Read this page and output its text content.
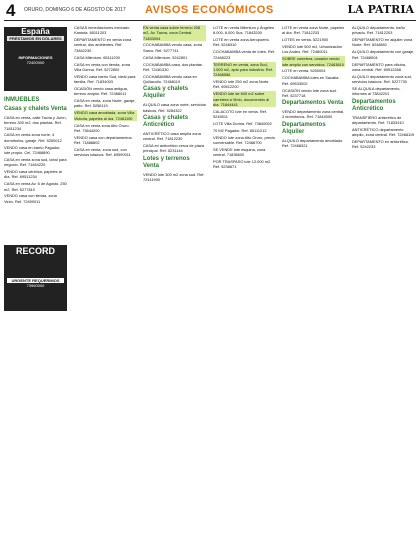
4 ORURO, DOMINGO 6 DE AGOSTO DE 2017 AVISOS ECONÓMICOS	LA PATRIA
España
PRÉSTAMOS EN DÓLARES
INFORMACIONES
72400000
RECORD
URGENTE REQUERIMOS
73960000
INMUEBLES
Casas y chalets Venta

CASA en venta, calle Tacna y Junín, terreno 300 m2, dos plantas. Ref. 71811234

CASA en venta zona norte, 4 dormitorios, garaje. Ref. 5250012

VENDO casa en barrio Pagador, lote propio. Cel. 72468890

CASA en venta zona sud, ideal para negocio. Ref. 71844220

VENDO casa céntrica, papeles al día. Ref. 69511234

CASA en venta Av. 6 de Agosto, 250 m2. Ref. 5277810

VENDO casa con tienda, zona Vinto. Ref. 72490011

CASAS inmediaciones mercado Kantuta. 65111203

DEPARTAMENTO en venta zona central, dos ambientes. Ref. 73842230

CASA Milenium. 65111200

CASA en venta con tienda, zona Villa Dorina. Ref. 5272800

VENDO casa barrio Sud, ideal para familia. Ref. 71834003

OCASIÓN vendo casa antigua, terreno amplio. Ref. 72468011

CASA en venta, zona Norte, garaje, patio. Ref. 5256119

VENDO casa amoblada, zona Villa Victoria, papeles al día. 72481100

CASA en venta zona Alto Oruro. Ref. 73844200

VENDO casa con departamentos. Ref. 71888802

CASA en venta, zona sud, con servicios básicos. Ref. 69590011

EN venta casa sobre terreno 208 m2, Av. Tacna, zona Central. 71833004

COCHABAMBA vendo casa, zona Sarco. Ref. 5277741

CASA Milenium. 5242801

COCHABAMBA casa, dos plantas. Ref. 72481330

COCHABAMBA vendo casa en Quillacollo. 72468119

Casas y chalets Alquiler

ALQUILO casa zona norte, servicios básicos. Ref. 5284322

Casas y chalets Anticrético

ANTICRÉTICO casa amplia zona central. Ref. 71812230

CASA en anticrético cerca de plaza principal. Ref. 5231144

Lotes y terrenos Venta

VENDO lote 300 m2 zona sud. Ref. 72411900

LOTE en venta Milenium y Ángeles 8.000, 6.000 Sus. 71843200

LOTE en venta zona Aeropuerto. Ref. 5248310

COCHABAMBA venta de lotes. Ref. 72468223

TERRENO en venta, zona Sud, 1.500 m2, apto para industria. Ref. 72468556

VENDO lote 250 m2 zona Norte. Ref. 69512200

VENDO lote de 600 m2 sobre carretera a Vinto, documentos al día. 71844441

CALACOTO lote en venta. Ref. 5245511

LOTE Villa Dorina. Ref. 73840092

70 M2 Pagador. Ref. 65111212

VENDO lote zona Alto Oruro, precio conversable. Ref. 72468700

SE VENDE lote esquina, zona central. 71836600

POR TRASPASO lote 12.000 m2. Ref. 5236671

LOTE en venta zona Norte, papeles al día. Ref. 71812233

LOTES en venta. 5221900

VENDO lote 500 m2, Urbanización Los Andes. Ref. 72480011

SOBRE carretera, ocasión vendo lote amplio con servicios. 72463810

LOTE en venta. 5250004

COCHABAMBA lotes en Sacaba. Ref. 69533002

OCASIÓN vendo lote zona sud. Ref. 5237718

Departamentos Venta

VENDO departamento zona central, 3 dormitorios. Ref. 71844500

Departamentos Alquiler

ALQUILO departamento amoblado. Ref. 72468321

ALQUILO departamento, baño privado. Ref. 71812203

DEPARTAMENTO en alquiler zona Norte. Ref. 5248891

ALQUILO departamento con garaje. Ref. 72468004

DEPARTAMENTO para oficina, zona central. Ref. 69512288

ALQUILO departamento zona sud, servicios básicos. Ref. 5227730

SE ALQUILA departamento, informes al 73842201

Departamentos Anticrético

TRANSFIERO anticrético de departamento. Ref. 71833410

ANTICRÉTICO departamento amplio, zona central. Ref. 72468119

DEPARTAMENTO en anticrético. Ref. 5242233
